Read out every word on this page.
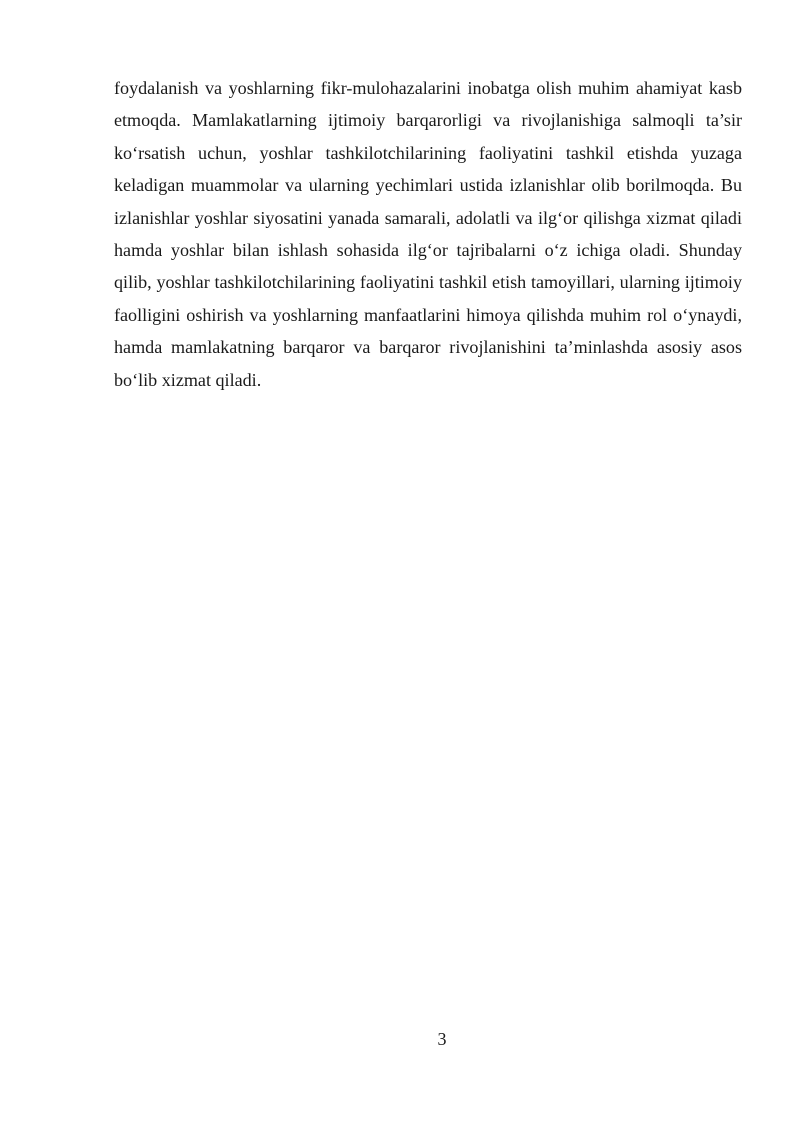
foydalanish va yoshlarning fikr-mulohazalarini inobatga olish muhim ahamiyat kasb etmoqda. Mamlakatlarning ijtimoiy barqarorligi va rivojlanishiga salmoqli ta’sir ko‘rsatish uchun, yoshlar tashkilotchilarining faoliyatini tashkil etishda yuzaga keladigan muammolar va ularning yechimlari ustida izlanishlar olib borilmoqda. Bu izlanishlar yoshlar siyosatini yanada samarali, adolatli va ilg‘or qilishga xizmat qiladi hamda yoshlar bilan ishlash sohasida ilg‘or tajribalarni o‘z ichiga oladi. Shunday qilib, yoshlar tashkilotchilarining faoliyatini tashkil etish tamoyillari, ularning ijtimoiy faolligini oshirish va yoshlarning manfaatlarini himoya qilishda muhim rol o‘ynaydi, hamda mamlakatning barqaror va barqaror rivojlanishini ta’minlashda asosiy asos bo‘lib xizmat qiladi.

3
